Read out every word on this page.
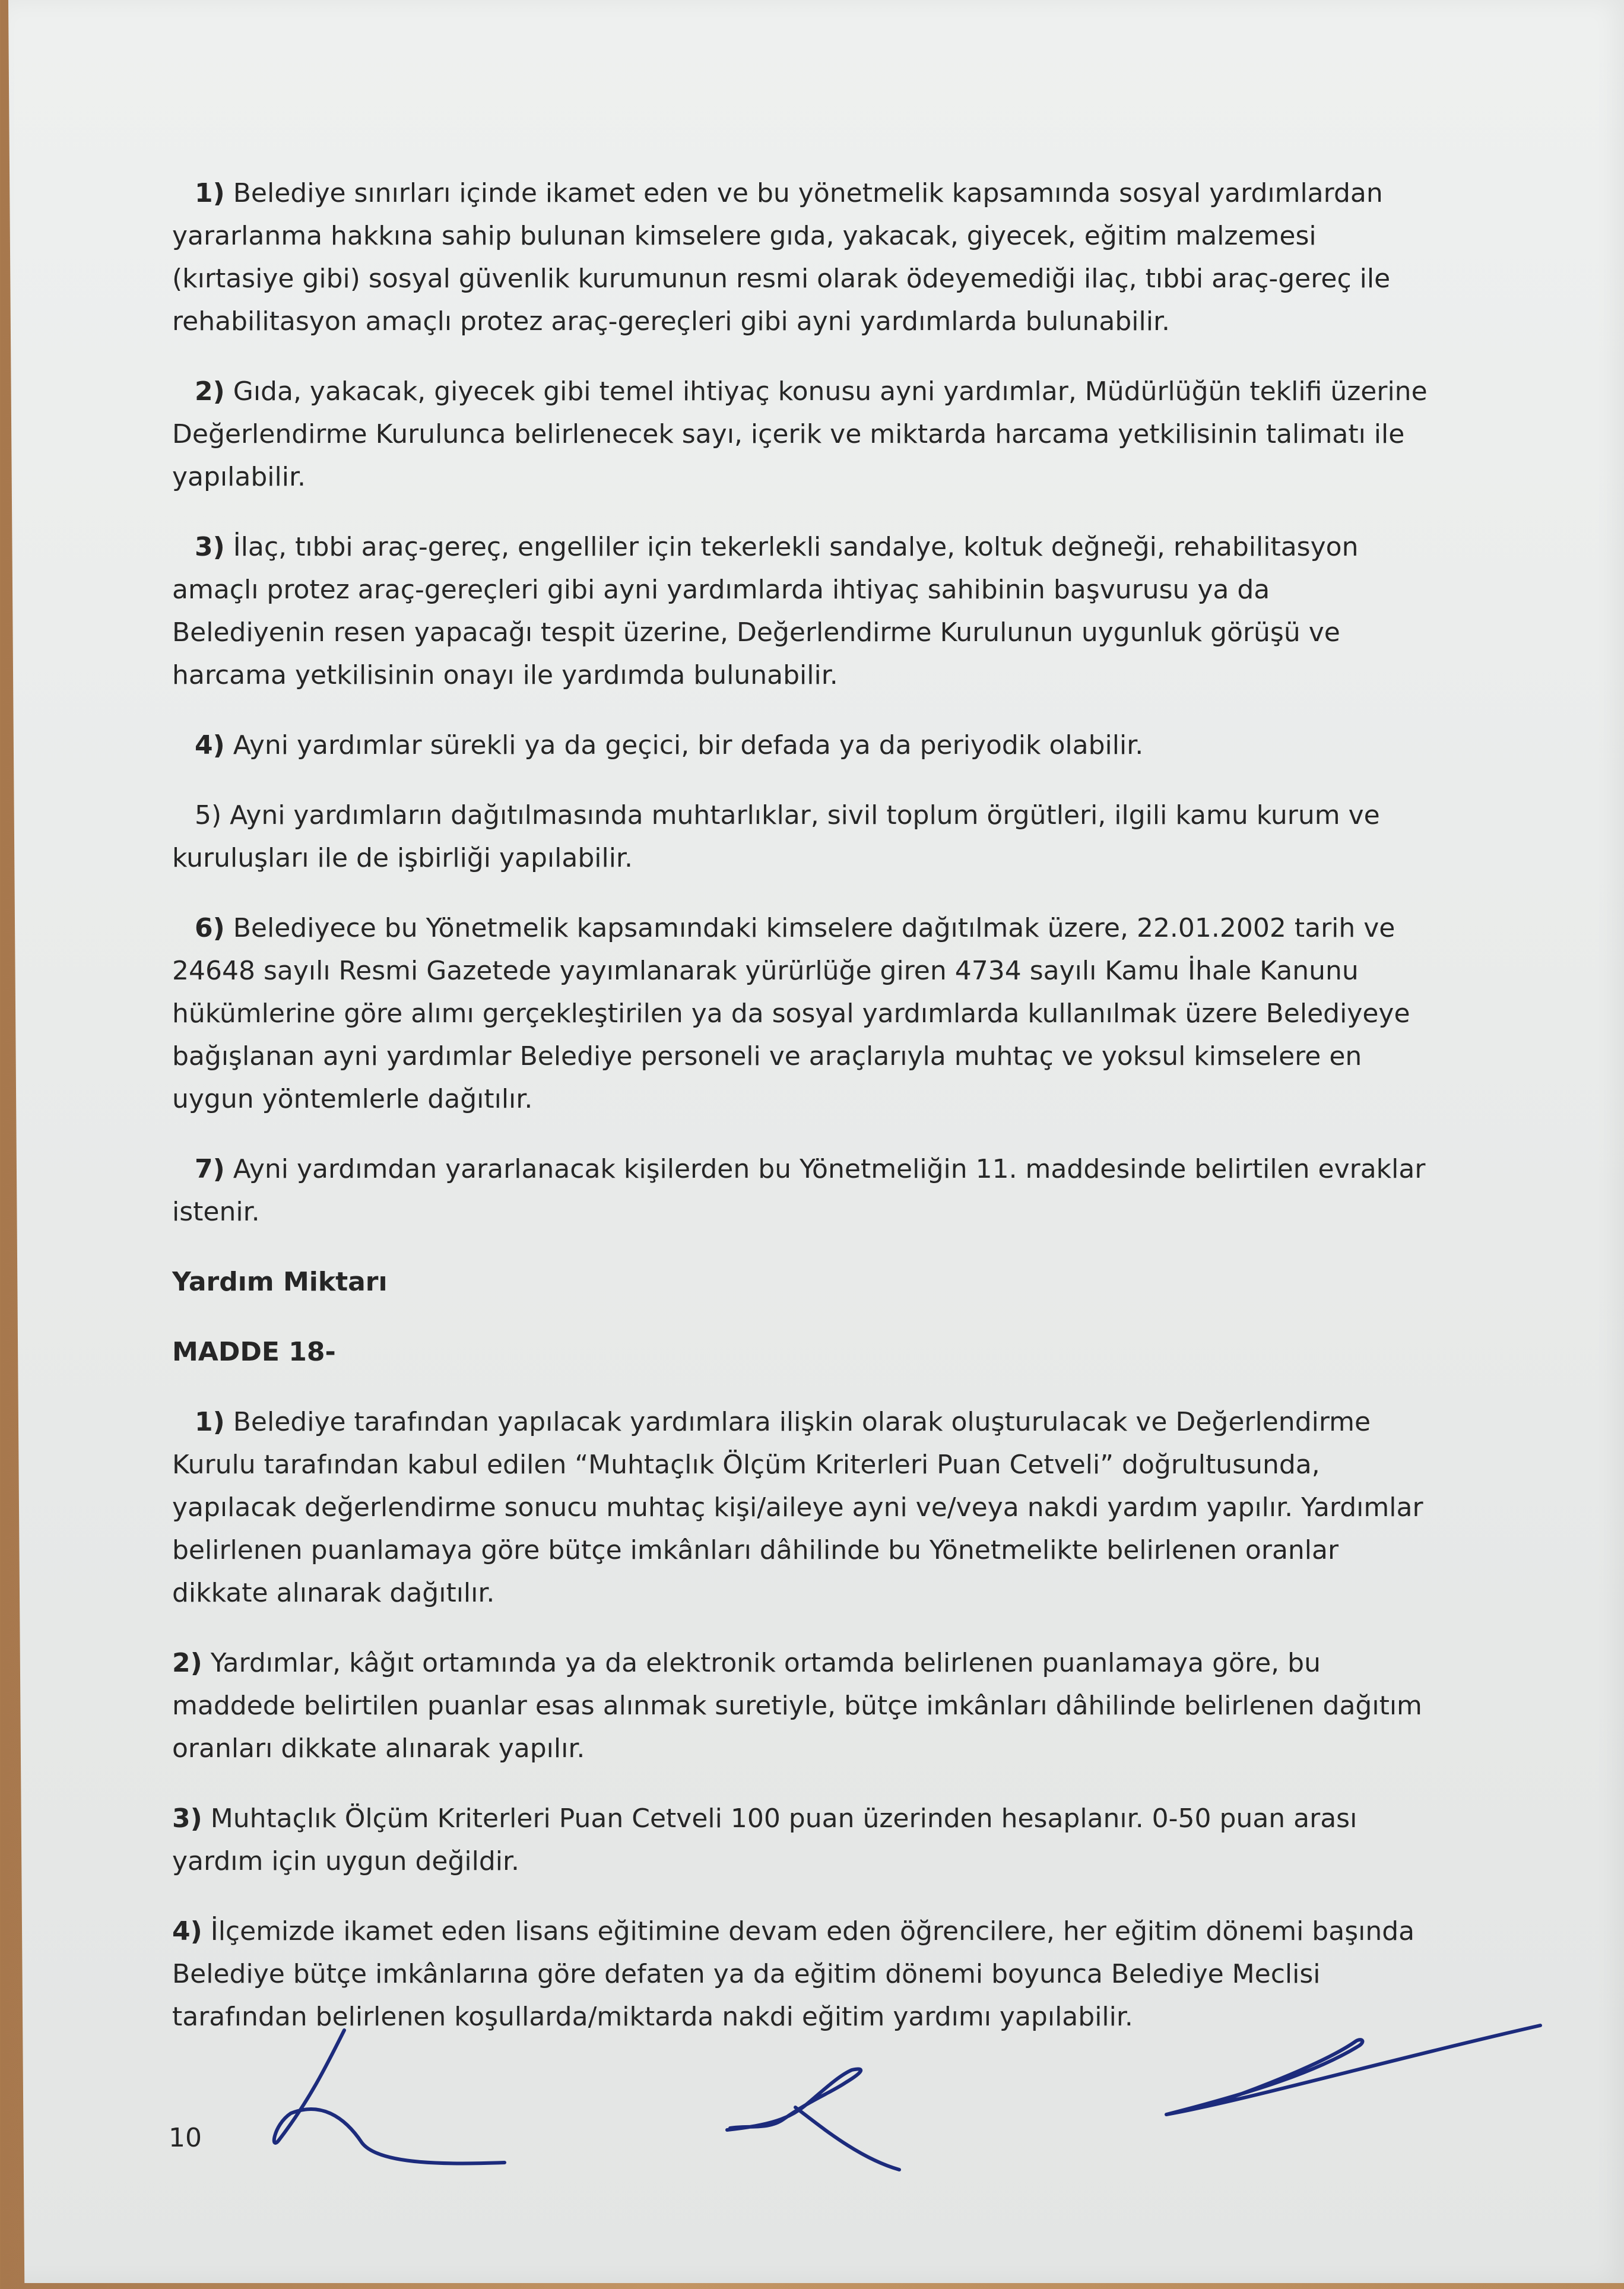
1) Belediye sınırları içinde ikamet eden ve bu yönetmelik kapsamında sosyal yardımlardan yararlanma hakkına sahip bulunan kimselere gıda, yakacak, giyecek, eğitim malzemesi (kırtasiye gibi) sosyal güvenlik kurumunun resmi olarak ödeyemediği ilaç, tıbbi araç-gereç ile rehabilitasyon amaçlı protez araç-gereçleri gibi ayni yardımlarda bulunabilir.

2) Gıda, yakacak, giyecek gibi temel ihtiyaç konusu ayni yardımlar, Müdürlüğün teklifi üzerine Değerlendirme Kurulunca belirlenecek sayı, içerik ve miktarda harcama yetkilisinin talimatı ile yapılabilir.

3) İlaç, tıbbi araç-gereç, engelliler için tekerlekli sandalye, koltuk değneği, rehabilitasyon amaçlı protez araç-gereçleri gibi ayni yardımlarda ihtiyaç sahibinin başvurusu ya da Belediyenin resen yapacağı tespit üzerine, Değerlendirme Kurulunun uygunluk görüşü ve harcama yetkilisinin onayı ile yardımda bulunabilir.

4) Ayni yardımlar sürekli ya da geçici, bir defada ya da periyodik olabilir.

5) Ayni yardımların dağıtılmasında muhtarlıklar, sivil toplum örgütleri, ilgili kamu kurum ve kuruluşları ile de işbirliği yapılabilir.

6) Belediyece bu Yönetmelik kapsamındaki kimselere dağıtılmak üzere, 22.01.2002 tarih ve 24648 sayılı Resmi Gazetede yayımlanarak yürürlüğe giren 4734 sayılı Kamu İhale Kanunu hükümlerine göre alımı gerçekleştirilen ya da sosyal yardımlarda kullanılmak üzere Belediyeye bağışlanan ayni yardımlar Belediye personeli ve araçlarıyla muhtaç ve yoksul kimselere en uygun yöntemlerle dağıtılır.

7) Ayni yardımdan yararlanacak kişilerden bu Yönetmeliğin 11. maddesinde belirtilen evraklar istenir.

Yardım Miktarı

MADDE 18-

1) Belediye tarafından yapılacak yardımlara ilişkin olarak oluşturulacak ve Değerlendirme Kurulu tarafından kabul edilen “Muhtaçlık Ölçüm Kriterleri Puan Cetveli” doğrultusunda, yapılacak değerlendirme sonucu muhtaç kişi/aileye ayni ve/veya nakdi yardım yapılır. Yardımlar belirlenen puanlamaya göre bütçe imkânları dâhilinde bu Yönetmelikte belirlenen oranlar dikkate alınarak dağıtılır.

2) Yardımlar, kâğıt ortamında ya da elektronik ortamda belirlenen puanlamaya göre, bu maddede belirtilen puanlar esas alınmak suretiyle, bütçe imkânları dâhilinde belirlenen dağıtım oranları dikkate alınarak yapılır.

3) Muhtaçlık Ölçüm Kriterleri Puan Cetveli 100 puan üzerinden hesaplanır. 0-50 puan arası yardım için uygun değildir.

4) İlçemizde ikamet eden lisans eğitimine devam eden öğrencilere, her eğitim dönemi başında Belediye bütçe imkânlarına göre defaten ya da eğitim dönemi boyunca Belediye Meclisi tarafından belirlenen koşullarda/miktarda nakdi eğitim yardımı yapılabilir.

10
